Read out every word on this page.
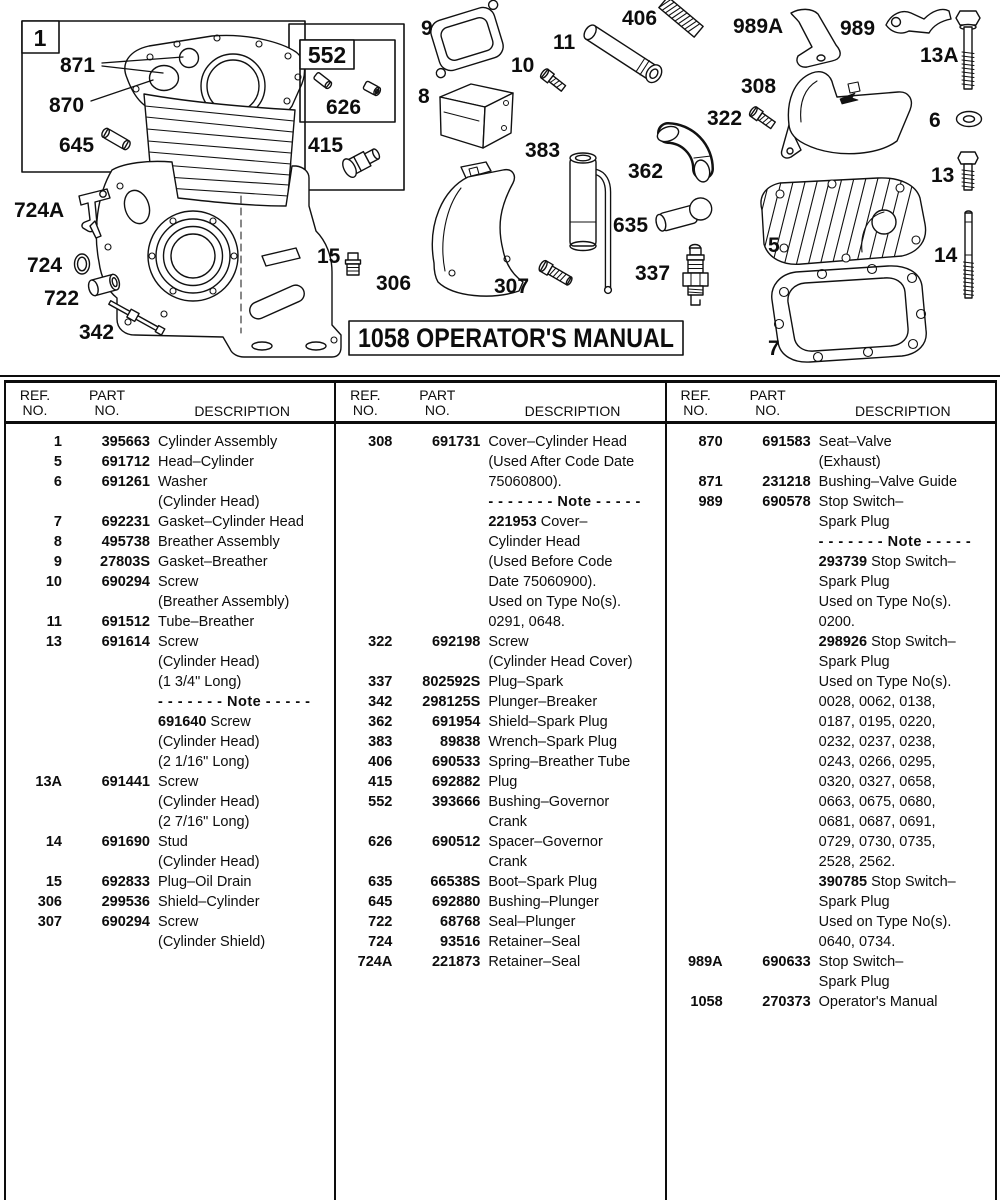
1
552
626
415
871
870
645
724A
724
722
342
15
306	307
9
10
8
11
383
406
362
635
337
989A	989
13A
308
322	6
13
5	14
7
1058 OPERATOR'S MANUAL
REF.
NO.
PART
NO.	DESCRIPTION
1	395663 Cylinder Assembly
5	691712 Head–Cylinder
6	691261 Washer
(Cylinder Head)
7	692231 Gasket–Cylinder Head
8	495738 Breather Assembly
9	27803S Gasket–Breather
10	690294 Screw
(Breather Assembly)
11	691512 Tube–Breather
13	691614 Screw
(Cylinder Head)
(1 3/4" Long)
- - - - - - - Note - - - - -
691640 Screw
(Cylinder Head)
(2 1/16" Long)
13A	691441 Screw
(Cylinder Head)
(2 7/16" Long)
14	691690 Stud
(Cylinder Head)
15	692833 Plug–Oil Drain
306	299536 Shield–Cylinder
307	690294 Screw
(Cylinder Shield)
REF.
NO.
PART
NO.	DESCRIPTION
308	691731 Cover–Cylinder Head
(Used After Code Date
75060800).
- - - - - - - Note - - - - -
221953 Cover–
Cylinder Head
(Used Before Code
Date 75060900).
Used on Type No(s).
0291, 0648.
322	692198 Screw
(Cylinder Head Cover)
337	802592S Plug–Spark
342	298125S Plunger–Breaker
362	691954 Shield–Spark Plug
383	89838 Wrench–Spark Plug
406	690533 Spring–Breather Tube
415	692882 Plug
552	393666 Bushing–Governor
Crank
626	690512 Spacer–Governor
Crank
635	66538S Boot–Spark Plug
645	692880 Bushing–Plunger
722	68768 Seal–Plunger
724	93516 Retainer–Seal
724A	221873 Retainer–Seal
REF.
NO.
PART
NO.	DESCRIPTION
870	691583 Seat–Valve
(Exhaust)
871	231218 Bushing–Valve Guide
989	690578 Stop Switch–
Spark Plug
- - - - - - - Note - - - - -
293739 Stop Switch–
Spark Plug
Used on Type No(s).
0200.
298926 Stop Switch–
Spark Plug
Used on Type No(s).
0028, 0062, 0138,
0187, 0195, 0220,
0232, 0237, 0238,
0243, 0266, 0295,
0320, 0327, 0658,
0663, 0675, 0680,
0681, 0687, 0691,
0729, 0730, 0735,
2528, 2562.
390785 Stop Switch–
Spark Plug
Used on Type No(s).
0640, 0734.
989A	690633 Stop Switch–
Spark Plug
1058	270373 Operator's Manual
